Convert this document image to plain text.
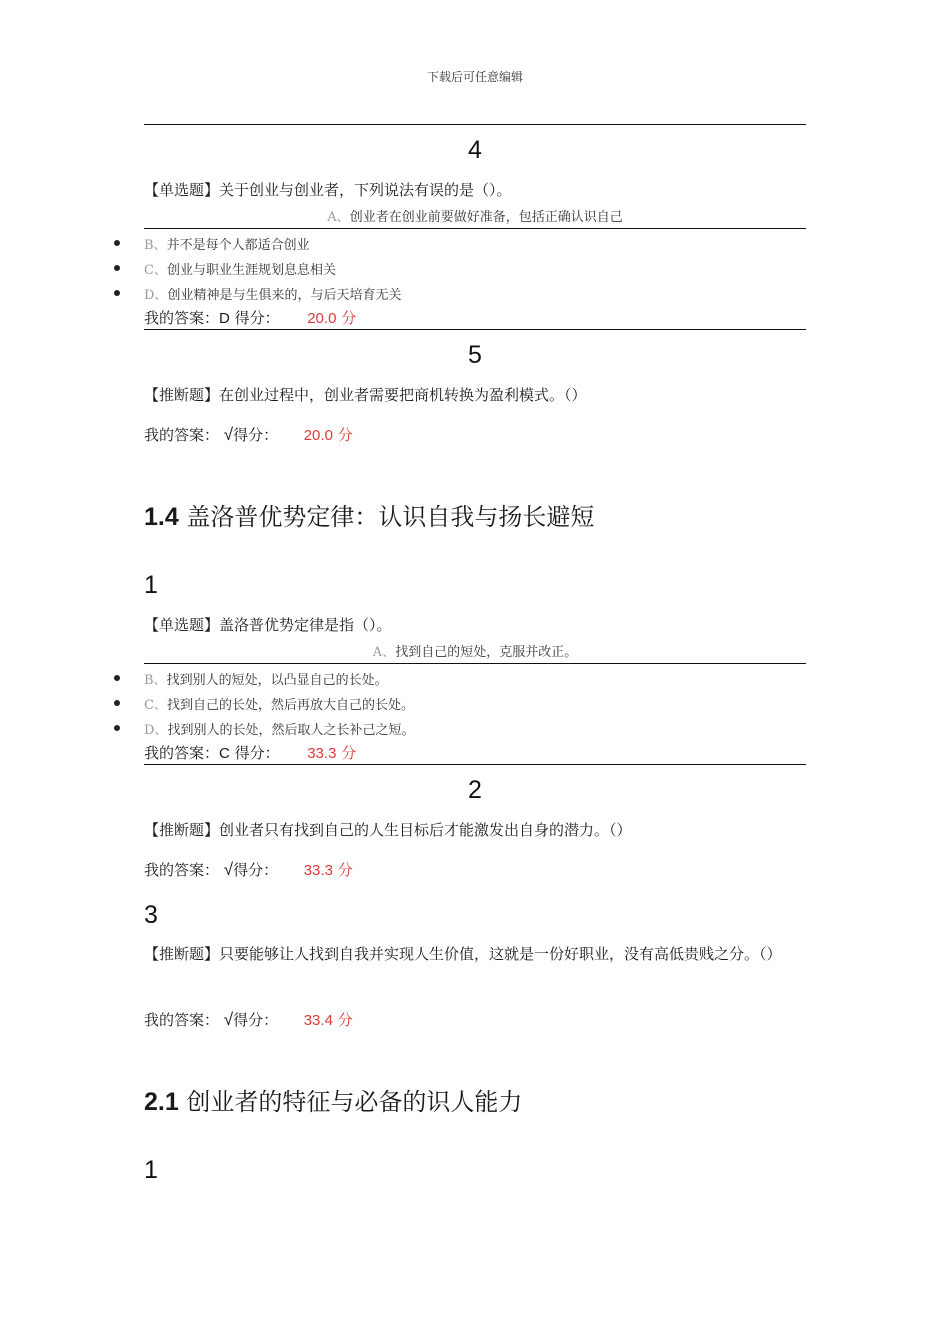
下载后可任意编辑
4
【单选题】关于创业与创业者，下列说法有误的是（）。
A、创业者在创业前要做好准备，包括正确认识自己
B、并不是每个人都适合创业
C、创业与职业生涯规划息息相关
D、创业精神是与生俱来的，与后天培育无关
我的答案：D 得分： 20.0 分
5
【推断题】在创业过程中，创业者需要把商机转换为盈利模式。（）
我的答案： √得分： 20.0 分
1.4 盖洛普优势定律：认识自我与扬长避短
1
【单选题】盖洛普优势定律是指（）。
A、找到自己的短处，克服并改正。
B、找到别人的短处，以凸显自己的长处。
C、找到自己的长处，然后再放大自己的长处。
D、找到别人的长处，然后取人之长补己之短。
我的答案：C 得分： 33.3 分
2
【推断题】创业者只有找到自己的人生目标后才能激发出自身的潜力。（）
我的答案： √得分： 33.3 分
3
【推断题】只要能够让人找到自我并实现人生价值，这就是一份好职业，没有高低贵贱之分。（）
我的答案： √得分： 33.4 分
2.1 创业者的特征与必备的识人能力
1
